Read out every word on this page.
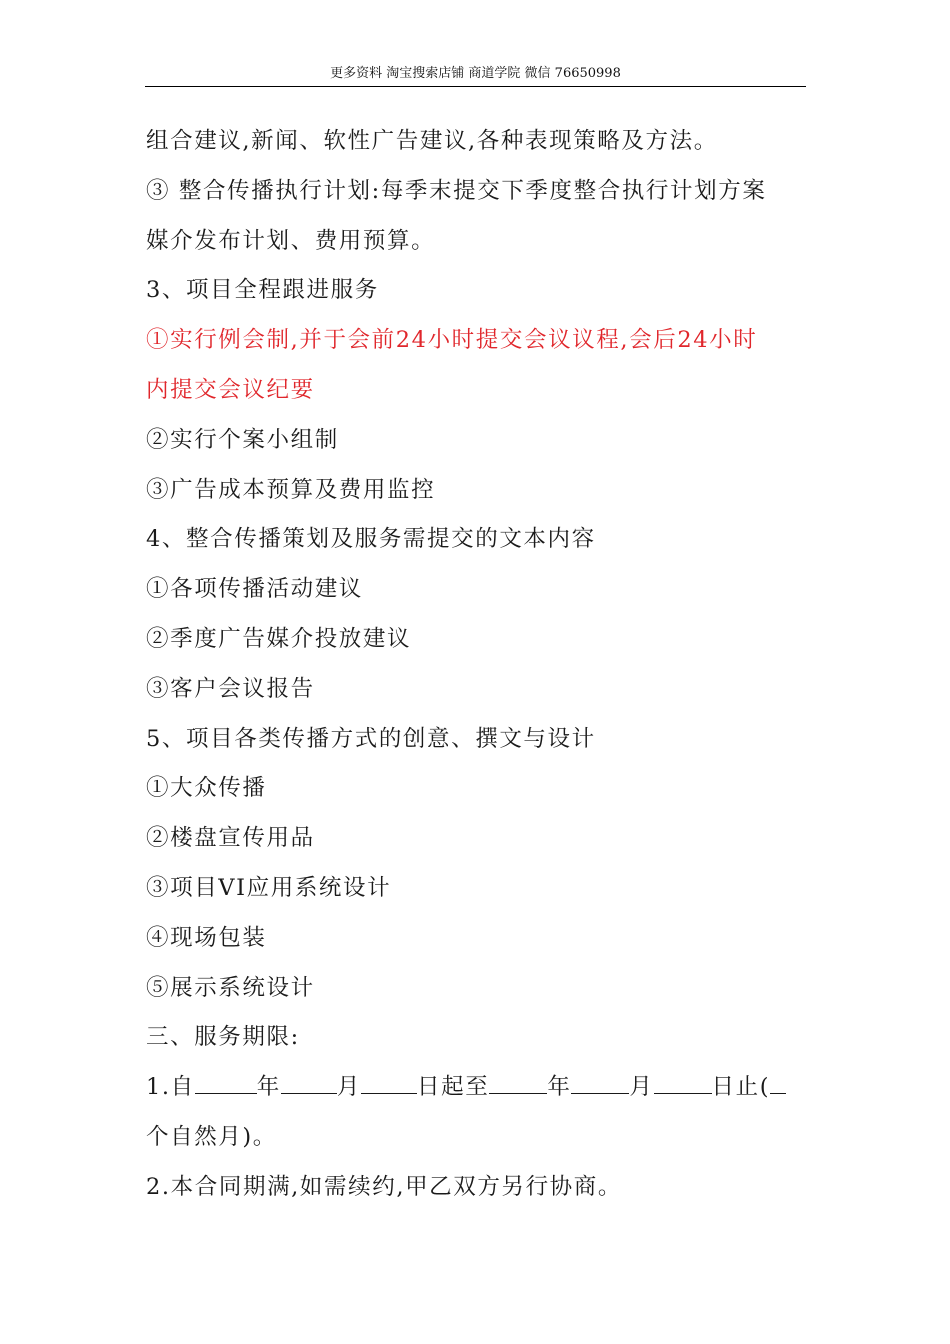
更多资料 淘宝搜索店铺 商道学院 微信 76650998
组合建议,新闻、软性广告建议,各种表现策略及方法。
③ 整合传播执行计划:每季末提交下季度整合执行计划方案
媒介发布计划、费用预算。
3、项目全程跟进服务
①实行例会制,并于会前24小时提交会议议程,会后24小时
内提交会议纪要
②实行个案小组制
③广告成本预算及费用监控
4、整合传播策划及服务需提交的文本内容
①各项传播活动建议
②季度广告媒介投放建议
③客户会议报告
5、项目各类传播方式的创意、撰文与设计
①大众传播
②楼盘宣传用品
③项目VI应用系统设计
④现场包装
⑤展示系统设计
三、服务期限:
1.自	年 月 日起至	年	月	日止(
个自然月)。
2.本合同期满,如需续约,甲乙双方另行协商。
